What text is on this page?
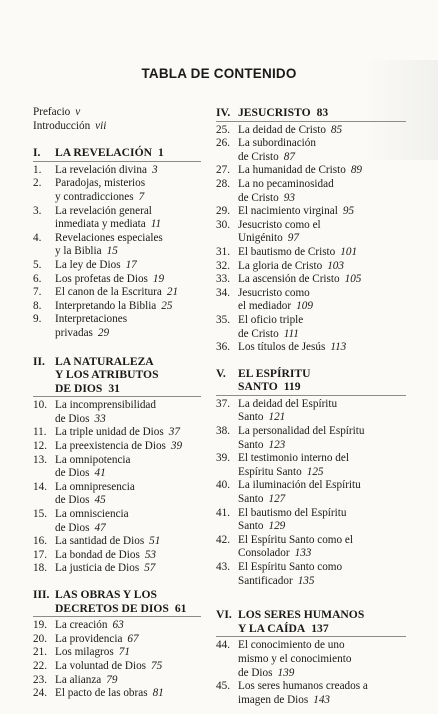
TABLA DE CONTENIDO
Prefacio v
Introducción vii
I.	LA REVELACIÓN 1
1.	La revelación divina 3
2.	Paradojas, misterios
y contradicciones 7
3.	La revelación general
inmediata y mediata 11
4.	Revelaciones especiales
y la Biblia 15
5.	La ley de Dios 17
6.	Los profetas de Dios 19
7.	El canon de la Escritura 21
8.	Interpretando la Biblia 25
9.	Interpretaciones
privadas 29
II. LA NATURALEZA
Y LOS ATRIBUTOS
DE DIOS 31
10. La incomprensibilidad
de Dios 33
11. La triple unidad de Dios 37
12. La preexistencia de Dios 39
13. La omnipotencia
de Dios 41
14. La omnipresencia
de Dios 45
15. La omnisciencia
de Dios 47
16. La santidad de Dios 51
17. La bondad de Dios 53
18. La justicia de Dios 57
III. LAS OBRAS Y LOS
DECRETOS DE DIOS 61
19. La creación 63
20. La providencia 67
21. Los milagros 71
22. La voluntad de Dios 75
23. La alianza 79
24. El pacto de las obras 81
IV. JESUCRISTO 83
25. La deidad de Cristo 85
26. La subordinación
de Cristo 87
27. La humanidad de Cristo 89
28. La no pecaminosidad
de Cristo 93
29. El nacimiento virginal 95
30. Jesucristo como el
Unigénito 97
31. El bautismo de Cristo 101
32. La gloria de Cristo 103
33. La ascensión de Cristo 105
34. Jesucristo como
el mediador 109
35. El oficio triple
de Cristo 111
36. Los títulos de Jesús 113
V.	EL ESPÍRITU
SANTO 119
37. La deidad del Espíritu
Santo 121
38. La personalidad del Espíritu
Santo 123
39. El testimonio interno del
Espíritu Santo 125
40. La iluminación del Espíritu
Santo 127
41. El bautismo del Espíritu
Santo 129
42. El Espíritu Santo como el
Consolador 133
43. El Espíritu Santo como
Santificador 135
VI. LOS SERES HUMANOS
Y LA CAÍDA 137
44. El conocimiento de uno
mismo y el conocimiento
de Dios 139
45. Los seres humanos creados a
imagen de Dios 143
